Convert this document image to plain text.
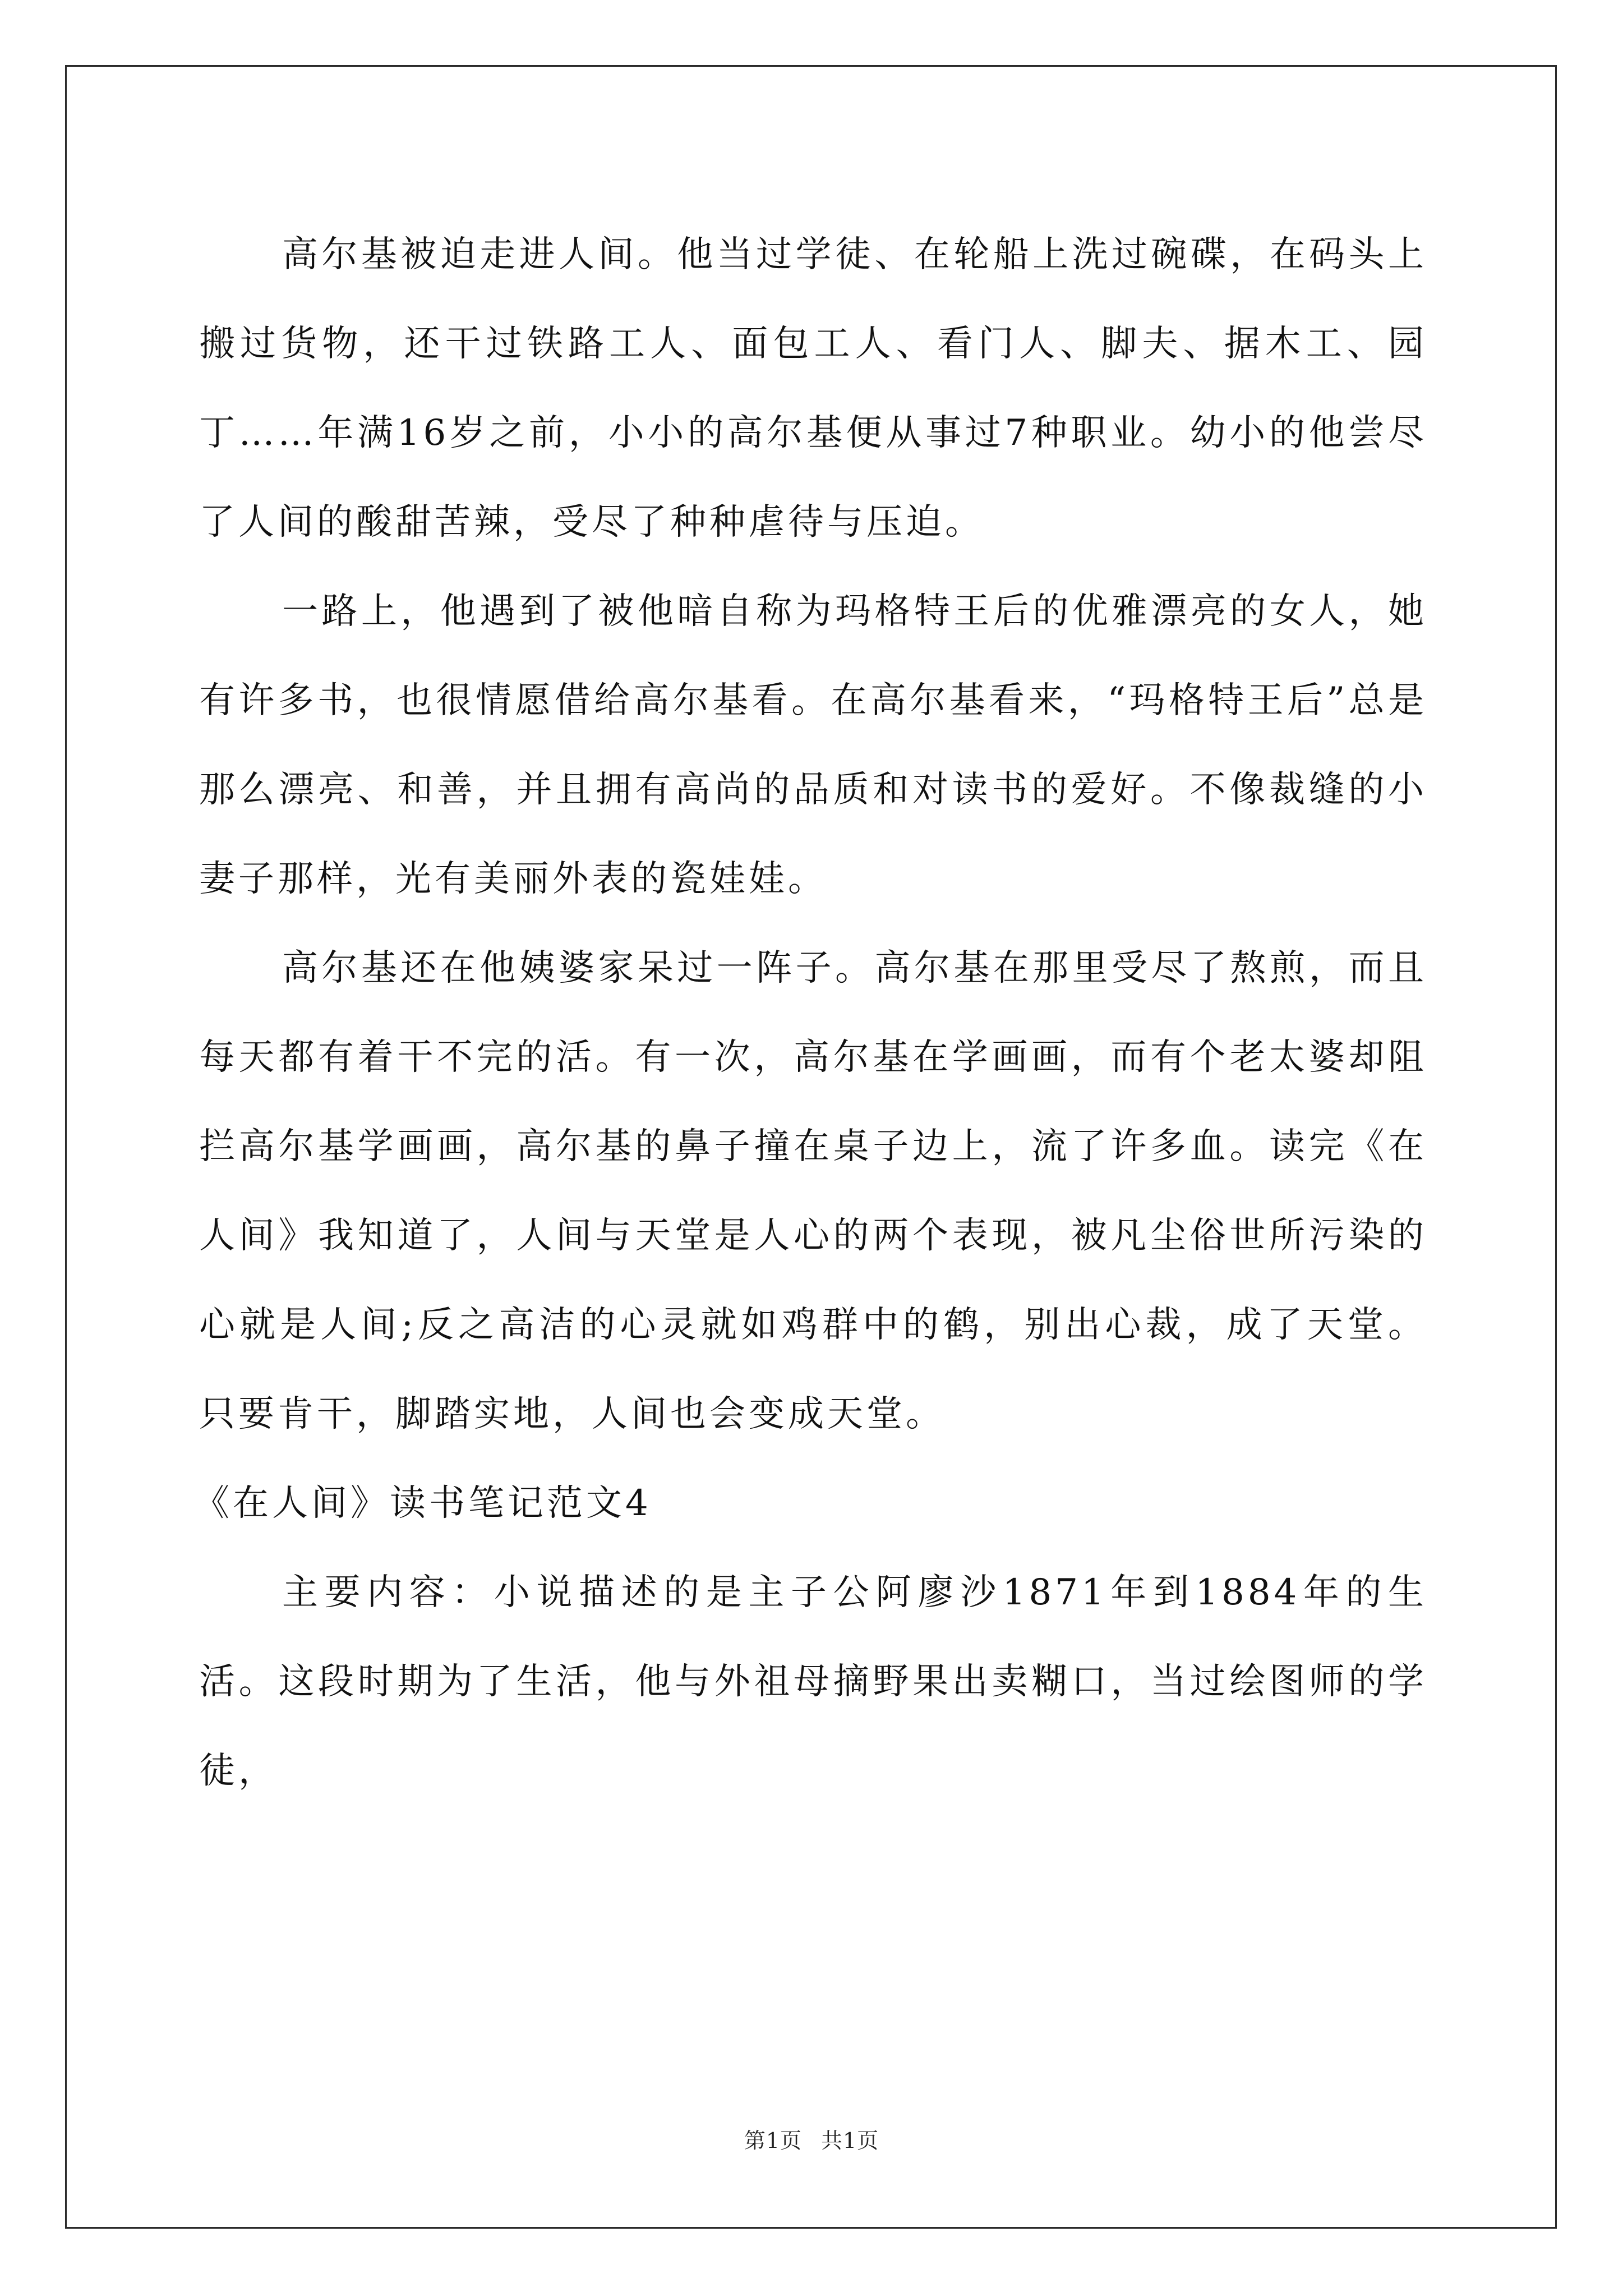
高尔基被迫走进人间。他当过学徒、在轮船上洗过碗碟，在码头上搬过货物，还干过铁路工人、面包工人、看门人、脚夫、据木工、园丁……年满16岁之前，小小的高尔基便从事过7种职业。幼小的他尝尽了人间的酸甜苦辣，受尽了种种虐待与压迫。

一路上，他遇到了被他暗自称为玛格特王后的优雅漂亮的女人，她有许多书，也很情愿借给高尔基看。在高尔基看来，“玛格特王后”总是那么漂亮、和善，并且拥有高尚的品质和对读书的爱好。不像裁缝的小妻子那样，光有美丽外表的瓷娃娃。

高尔基还在他姨婆家呆过一阵子。高尔基在那里受尽了熬煎，而且每天都有着干不完的活。有一次，高尔基在学画画，而有个老太婆却阻拦高尔基学画画，高尔基的鼻子撞在桌子边上，流了许多血。读完《在人间》我知道了，人间与天堂是人心的两个表现，被凡尘俗世所污染的心就是人间;反之高洁的心灵就如鸡群中的鹤，别出心裁，成了天堂。只要肯干，脚踏实地，人间也会变成天堂。

《在人间》读书笔记范文4

主要内容：小说描述的是主子公阿廖沙1871年到1884年的生活。这段时期为了生活，他与外祖母摘野果出卖糊口，当过绘图师的学徒，

第1页 共1页
